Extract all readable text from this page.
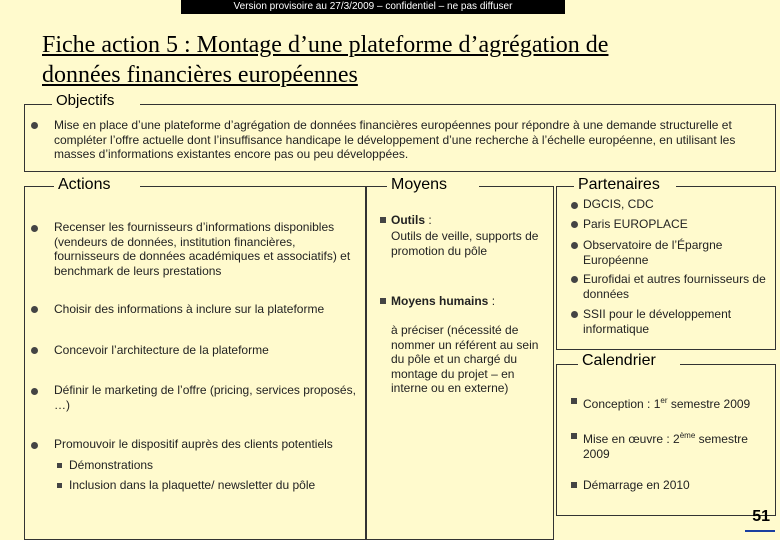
Version provisoire au 27/3/2009 – confidentiel – ne pas diffuser
Fiche action 5 : Montage d’une plateforme d’agrégation de
données financières européennes
Objectifs
Mise en place d’une plateforme d’agrégation de données financières européennes pour répondre à une demande structurelle et compléter l’offre actuelle dont l’insuffisance handicape le développement d’une recherche à l’échelle européenne, en utilisant les masses d’informations existantes encore pas ou peu développées.
Actions
Recenser les fournisseurs d’informations disponibles (vendeurs de données, institution financières, fournisseurs de données académiques et associatifs) et benchmark de leurs prestations
Choisir des informations à inclure sur la plateforme
Concevoir l’architecture de la plateforme
Définir le marketing de l’offre (pricing, services proposés, …)
Promouvoir le dispositif auprès des clients potentiels
Démonstrations
Inclusion dans la plaquette/ newsletter du pôle
Moyens
Outils :
Outils de veille, supports de promotion du pôle
Moyens humains :
à préciser (nécessité de nommer un référent au sein du pôle et un chargé du montage du projet – en interne ou en externe)
Partenaires
DGCIS, CDC
Paris EUROPLACE
Observatoire de l’Épargne Européenne
Eurofidai et autres fournisseurs de données
SSII pour le développement informatique
Calendrier
Conception : 1er semestre 2009
Mise en œuvre : 2ème semestre 2009
Démarrage en 2010
51
